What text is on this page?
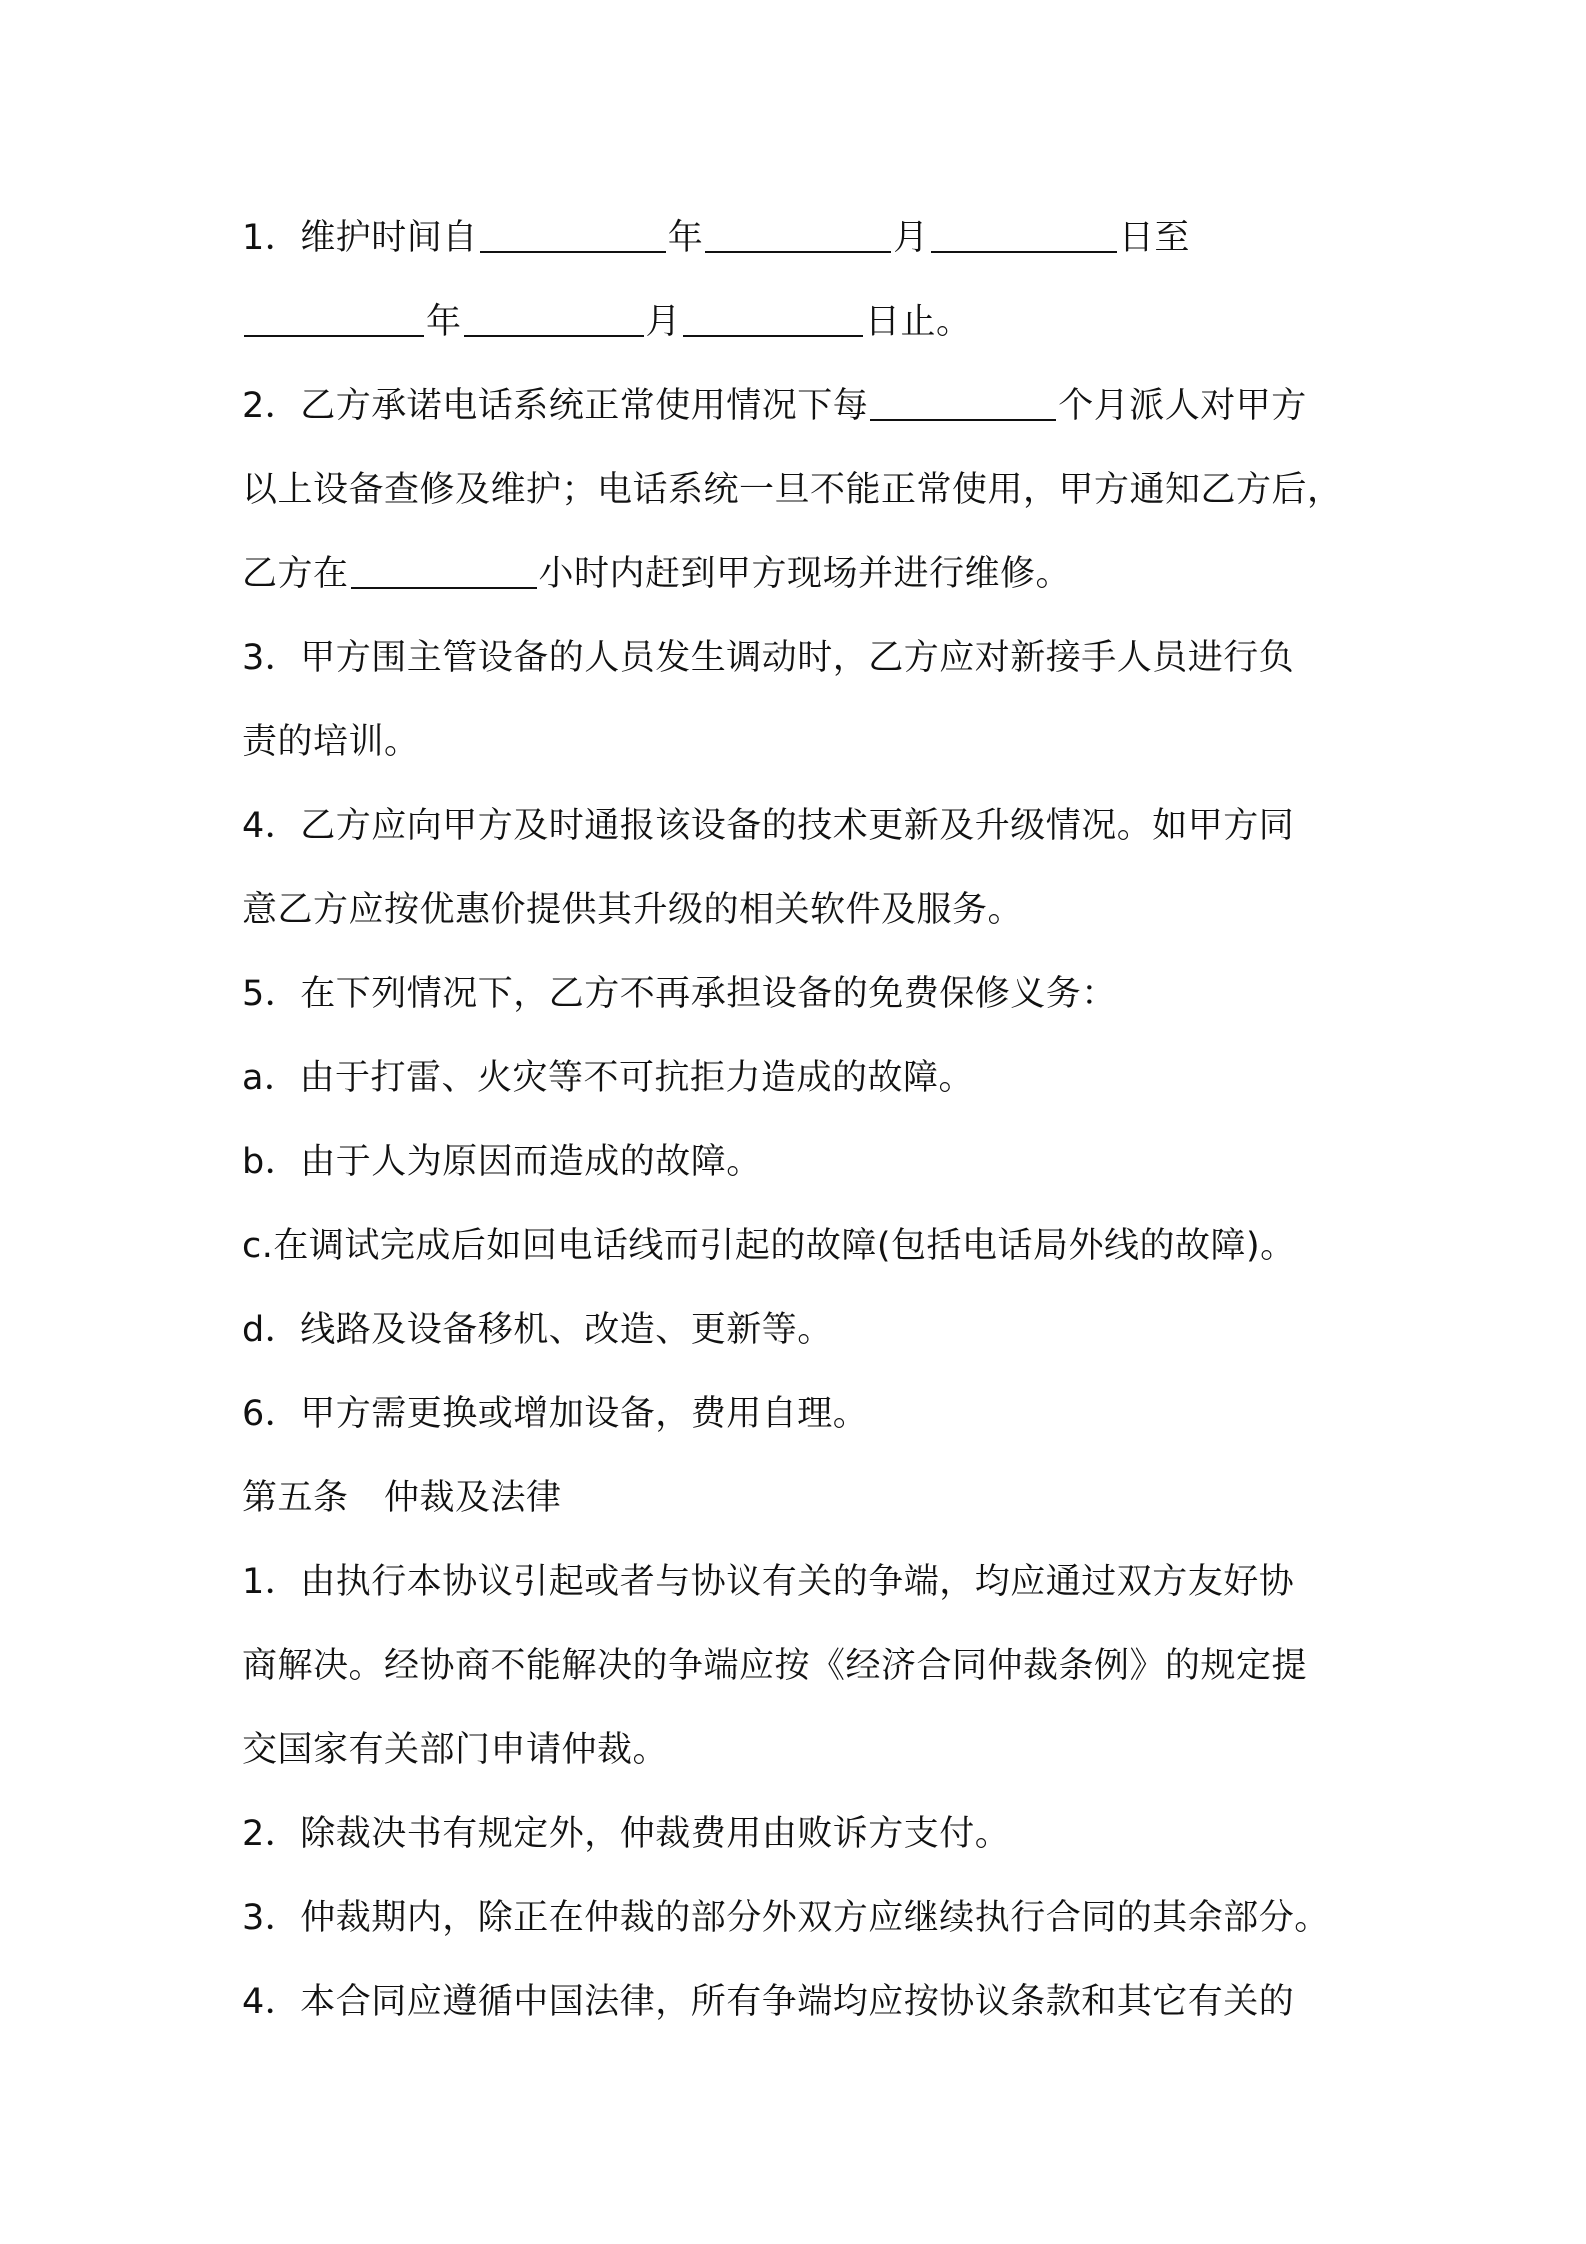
1．维护时间自	年	月	日至
年	月	日止。
2．乙方承诺电话系统正常使用情况下每	个月派人对甲方
以上设备查修及维护；电话系统一旦不能正常使用，甲方通知乙方后，
乙方在	小时内赶到甲方现场并进行维修。
3．甲方围主管设备的人员发生调动时，乙方应对新接手人员进行负
责的培训。
4．乙方应向甲方及时通报该设备的技术更新及升级情况。如甲方同
意乙方应按优惠价提供其升级的相关软件及服务。
5．在下列情况下，乙方不再承担设备的免费保修义务：
a．由于打雷、火灾等不可抗拒力造成的故障。
b．由于人为原因而造成的故障。
c.在调试完成后如回电话线而引起的故障(包括电话局外线的故障)。
d．线路及设备移机、改造、更新等。
6．甲方需更换或增加设备，费用自理。
第五条　仲裁及法律
1．由执行本协议引起或者与协议有关的争端，均应通过双方友好协
商解决。经协商不能解决的争端应按《经济合同仲裁条例》的规定提
交国家有关部门申请仲裁。
2．除裁决书有规定外，仲裁费用由败诉方支付。
3．仲裁期内，除正在仲裁的部分外双方应继续执行合同的其余部分。
4．本合同应遵循中国法律，所有争端均应按协议条款和其它有关的
